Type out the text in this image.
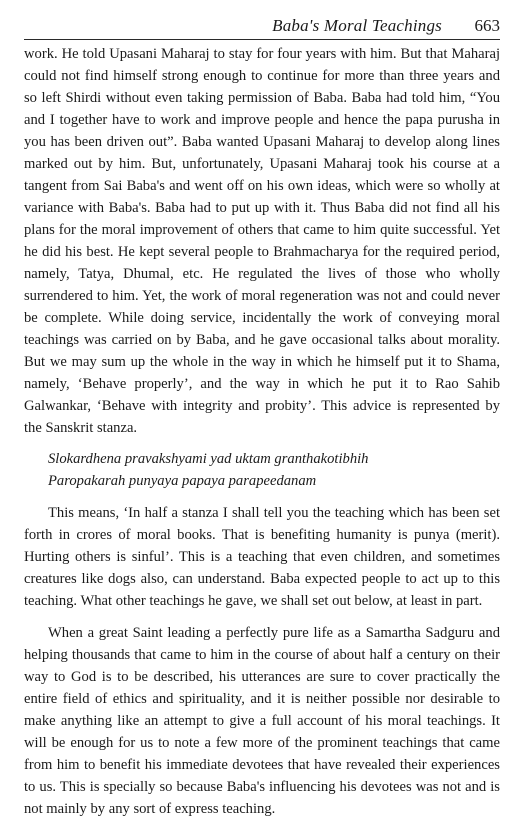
Baba's Moral Teachings 663

work. He told Upasani Maharaj to stay for four years with him. But that Maharaj could not find himself strong enough to continue for more than three years and so left Shirdi without even taking permission of Baba. Baba had told him, “You and I together have to work and improve people and hence the papa purusha in you has been driven out”. Baba wanted Upasani Maharaj to develop along lines marked out by him. But, unfortunately, Upasani Maharaj took his course at a tangent from Sai Baba's and went off on his own ideas, which were so wholly at variance with Baba's. Baba had to put up with it. Thus Baba did not find all his plans for the moral improvement of others that came to him quite successful. Yet he did his best. He kept several people to Brahmacharya for the required period, namely, Tatya, Dhumal, etc. He regulated the lives of those who wholly surrendered to him. Yet, the work of moral regeneration was not and could never be complete. While doing service, incidentally the work of conveying moral teachings was carried on by Baba, and he gave occasional talks about morality. But we may sum up the whole in the way in which he himself put it to Shama, namely, ‘Behave properly’, and the way in which he put it to Rao Sahib Galwankar, ‘Behave with integrity and probity’. This advice is represented by the Sanskrit stanza.

Slokardhena pravakshyami yad uktam granthakotibhih
Paropakarah punyaya papaya parapeedanam

This means, ‘In half a stanza I shall tell you the teaching which has been set forth in crores of moral books. That is benefiting humanity is punya (merit). Hurting others is sinful’. This is a teaching that even children, and sometimes creatures like dogs also, can understand. Baba expected people to act up to this teaching. What other teachings he gave, we shall set out below, at least in part.

When a great Saint leading a perfectly pure life as a Samartha Sadguru and helping thousands that came to him in the course of about half a century on their way to God is to be described, his utterances are sure to cover practically the entire field of ethics and spirituality, and it is neither possible nor desirable to make anything like an attempt to give a full account of his moral teachings. It will be enough for us to note a few more of the prominent teachings that came from him to benefit his immediate devotees that have revealed their experiences to us. This is specially so because Baba's influencing his devotees was not and is not mainly by any sort of express teaching.
